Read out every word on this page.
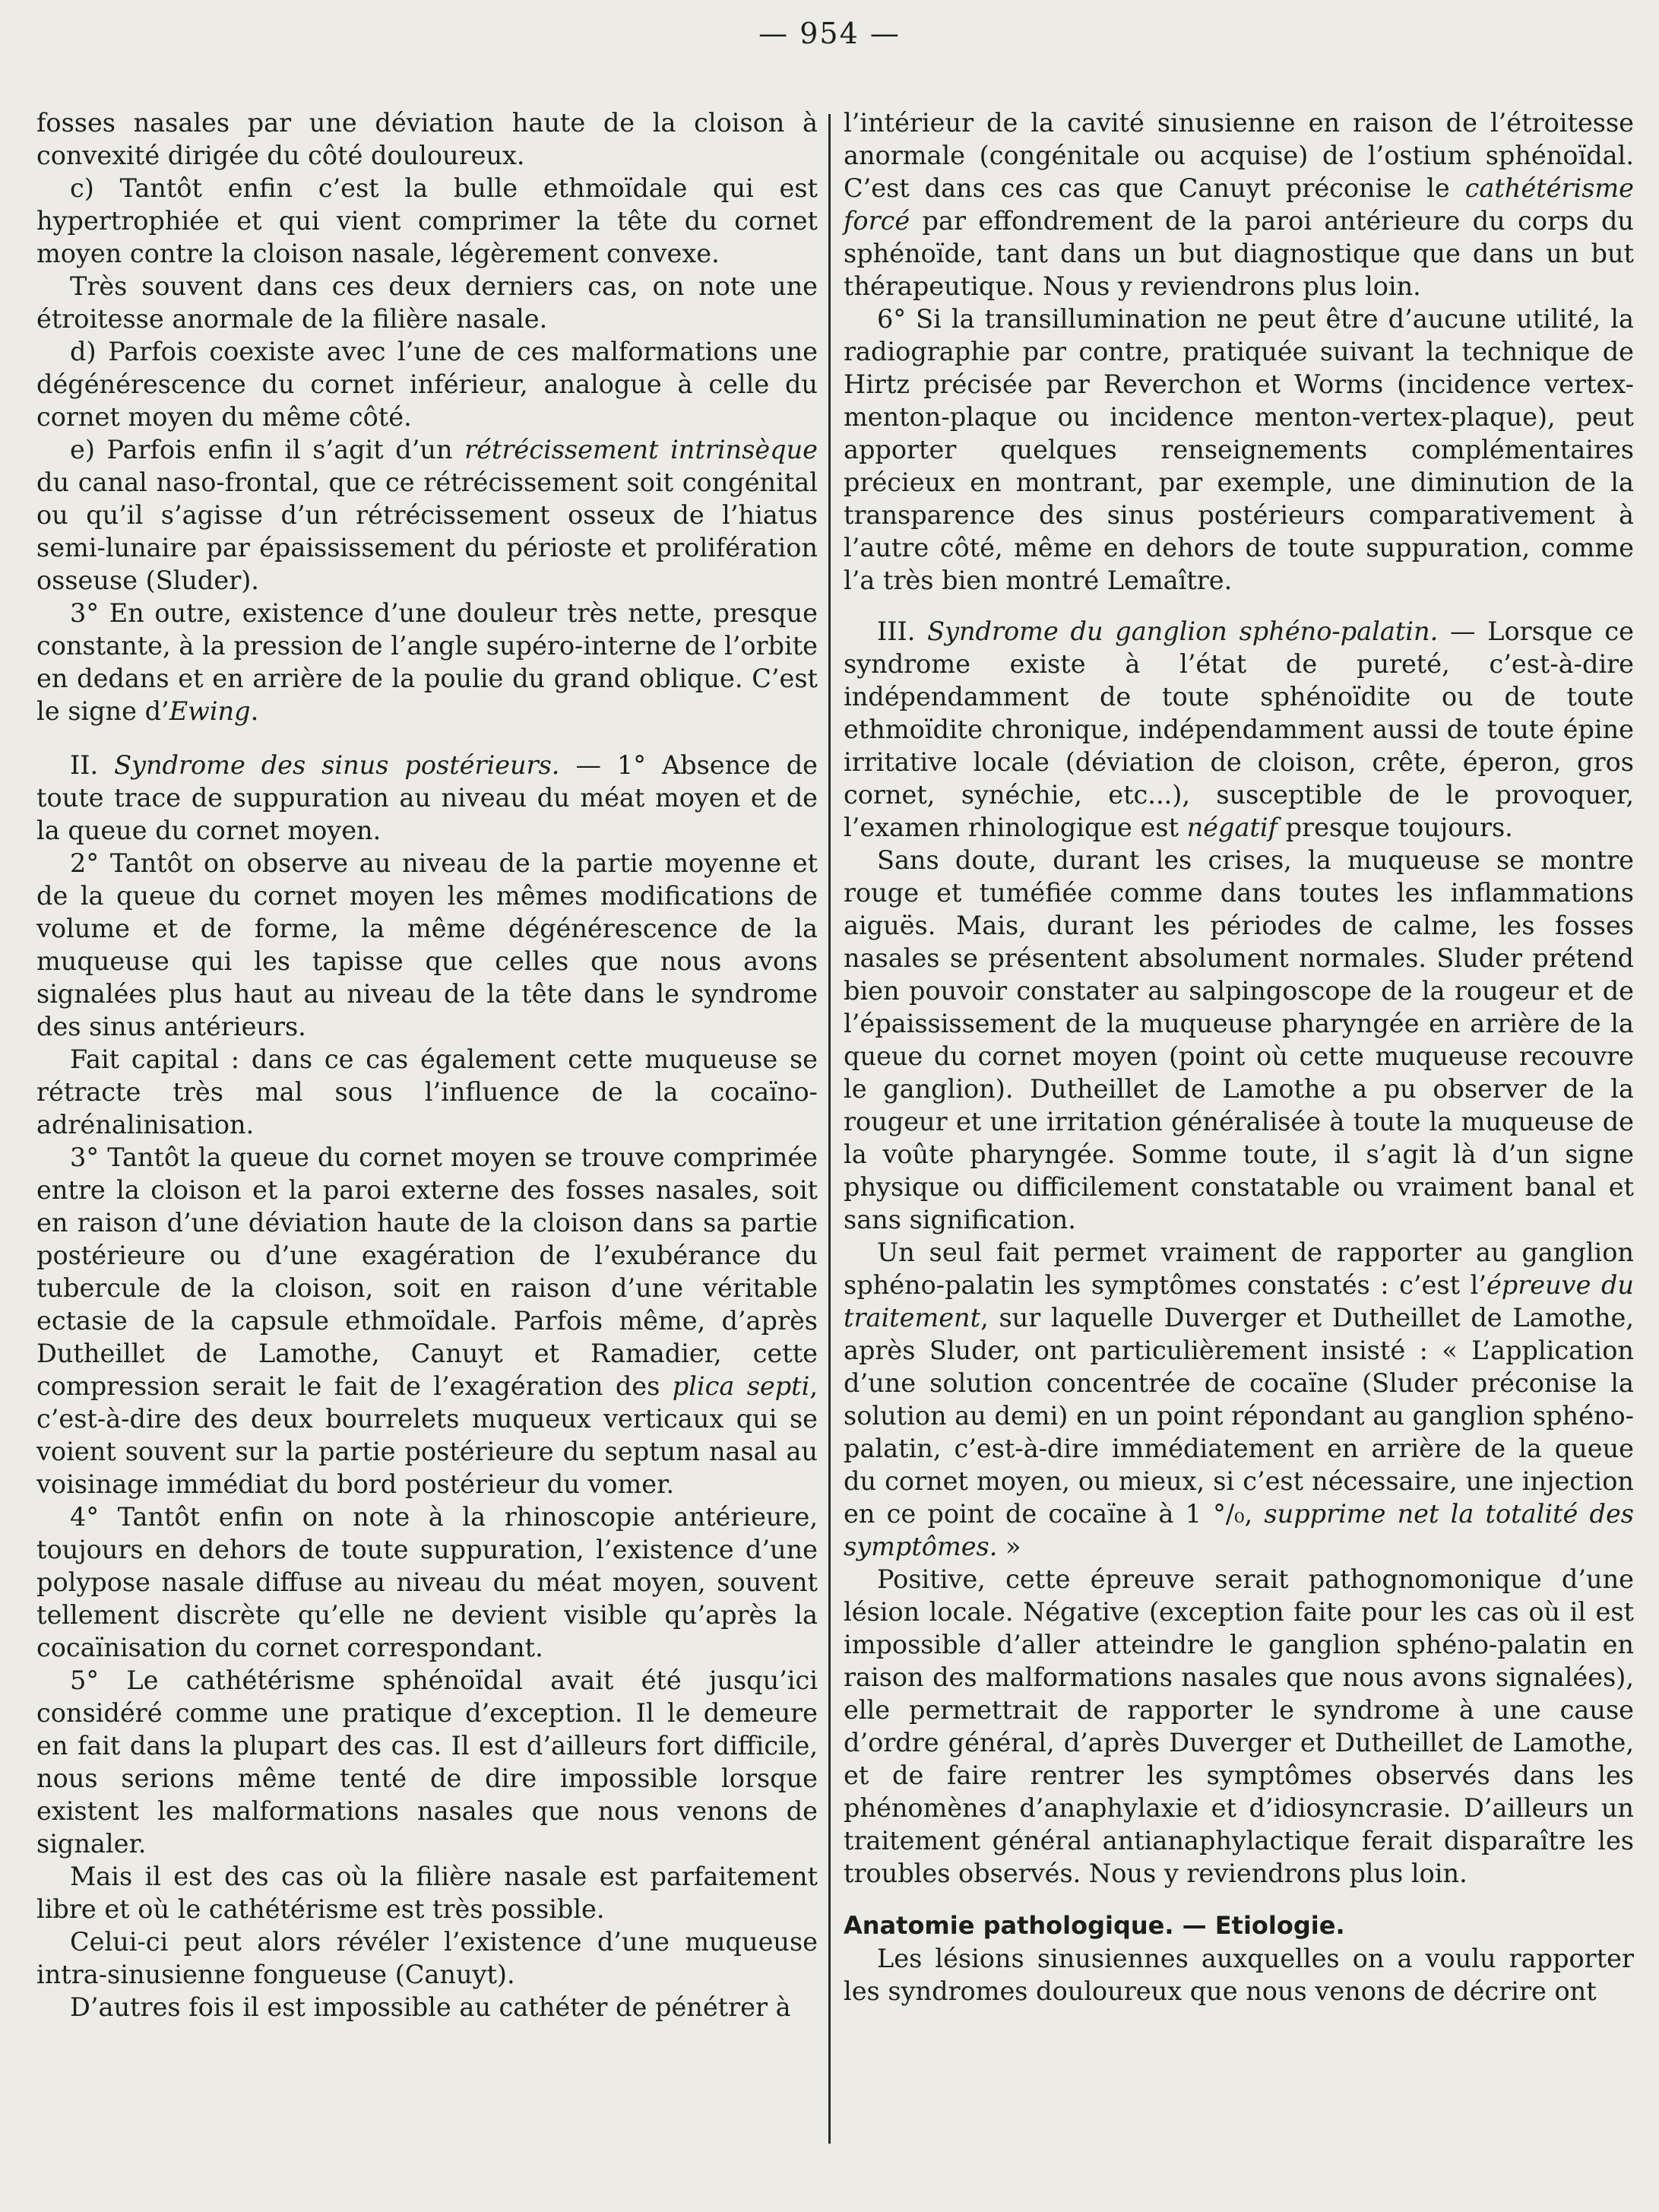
— 954 —

fosses nasales par une déviation haute de la cloison à convexité dirigée du côté douloureux.

c) Tantôt enfin c’est la bulle ethmoïdale qui est hypertrophiée et qui vient comprimer la tête du cornet moyen contre la cloison nasale, légèrement convexe.

Très souvent dans ces deux derniers cas, on note une étroitesse anormale de la filière nasale.

d) Parfois coexiste avec l’une de ces malformations une dégénérescence du cornet inférieur, analogue à celle du cornet moyen du même côté.

e) Parfois enfin il s’agit d’un rétrécissement intrinsèque du canal naso-frontal, que ce rétrécissement soit congénital ou qu’il s’agisse d’un rétrécissement osseux de l’hiatus semi-lunaire par épaississement du périoste et prolifération osseuse (Sluder).

3° En outre, existence d’une douleur très nette, presque constante, à la pression de l’angle supéro-interne de l’orbite en dedans et en arrière de la poulie du grand oblique. C’est le signe d’Ewing.

II. Syndrome des sinus postérieurs. — 1° Absence de toute trace de suppuration au niveau du méat moyen et de la queue du cornet moyen.

2° Tantôt on observe au niveau de la partie moyenne et de la queue du cornet moyen les mêmes modifications de volume et de forme, la même dégénérescence de la muqueuse qui les tapisse que celles que nous avons signalées plus haut au niveau de la tête dans le syndrome des sinus antérieurs.

Fait capital : dans ce cas également cette muqueuse se rétracte très mal sous l’influence de la cocaïno-adrénalinisation.

3° Tantôt la queue du cornet moyen se trouve comprimée entre la cloison et la paroi externe des fosses nasales, soit en raison d’une déviation haute de la cloison dans sa partie postérieure ou d’une exagération de l’exubérance du tubercule de la cloison, soit en raison d’une véritable ectasie de la capsule ethmoïdale. Parfois même, d’après Dutheillet de Lamothe, Canuyt et Ramadier, cette compression serait le fait de l’exagération des plica septi, c’est-à-dire des deux bourrelets muqueux verticaux qui se voient souvent sur la partie postérieure du septum nasal au voisinage immédiat du bord postérieur du vomer.

4° Tantôt enfin on note à la rhinoscopie antérieure, toujours en dehors de toute suppuration, l’existence d’une polypose nasale diffuse au niveau du méat moyen, souvent tellement discrète qu’elle ne devient visible qu’après la cocaïnisation du cornet correspondant.

5° Le cathétérisme sphénoïdal avait été jusqu’ici considéré comme une pratique d’exception. Il le demeure en fait dans la plupart des cas. Il est d’ailleurs fort difficile, nous serions même tenté de dire impossible lorsque existent les malformations nasales que nous venons de signaler.

Mais il est des cas où la filière nasale est parfaitement libre et où le cathétérisme est très possible.

Celui-ci peut alors révéler l’existence d’une muqueuse intra-sinusienne fongueuse (Canuyt).

D’autres fois il est impossible au cathéter de pénétrer à

l’intérieur de la cavité sinusienne en raison de l’étroitesse anormale (congénitale ou acquise) de l’ostium sphénoïdal. C’est dans ces cas que Canuyt préconise le cathétérisme forcé par effondrement de la paroi antérieure du corps du sphénoïde, tant dans un but diagnostique que dans un but thérapeutique. Nous y reviendrons plus loin.

6° Si la transillumination ne peut être d’aucune utilité, la radiographie par contre, pratiquée suivant la technique de Hirtz précisée par Reverchon et Worms (incidence vertex-menton-plaque ou incidence menton-vertex-plaque), peut apporter quelques renseignements complémentaires précieux en montrant, par exemple, une diminution de la transparence des sinus postérieurs comparativement à l’autre côté, même en dehors de toute suppuration, comme l’a très bien montré Lemaître.

III. Syndrome du ganglion sphéno-palatin. — Lorsque ce syndrome existe à l’état de pureté, c’est-à-dire indépendamment de toute sphénoïdite ou de toute ethmoïdite chronique, indépendamment aussi de toute épine irritative locale (déviation de cloison, crête, éperon, gros cornet, synéchie, etc...), susceptible de le provoquer, l’examen rhinologique est négatif presque toujours.

Sans doute, durant les crises, la muqueuse se montre rouge et tuméfiée comme dans toutes les inflammations aiguës. Mais, durant les périodes de calme, les fosses nasales se présentent absolument normales. Sluder prétend bien pouvoir constater au salpingoscope de la rougeur et de l’épaississement de la muqueuse pharyngée en arrière de la queue du cornet moyen (point où cette muqueuse recouvre le ganglion). Dutheillet de Lamothe a pu observer de la rougeur et une irritation généralisée à toute la muqueuse de la voûte pharyngée. Somme toute, il s’agit là d’un signe physique ou difficilement constatable ou vraiment banal et sans signification.

Un seul fait permet vraiment de rapporter au ganglion sphéno-palatin les symptômes constatés : c’est l’épreuve du traitement, sur laquelle Duverger et Dutheillet de Lamothe, après Sluder, ont particulièrement insisté : « L’application d’une solution concentrée de cocaïne (Sluder préconise la solution au demi) en un point répondant au ganglion sphéno-palatin, c’est-à-dire immédiatement en arrière de la queue du cornet moyen, ou mieux, si c’est nécessaire, une injection en ce point de cocaïne à 1 °/₀, supprime net la totalité des symptômes. »

Positive, cette épreuve serait pathognomonique d’une lésion locale. Négative (exception faite pour les cas où il est impossible d’aller atteindre le ganglion sphéno-palatin en raison des malformations nasales que nous avons signalées), elle permettrait de rapporter le syndrome à une cause d’ordre général, d’après Duverger et Dutheillet de Lamothe, et de faire rentrer les symptômes observés dans les phénomènes d’anaphylaxie et d’idiosyncrasie. D’ailleurs un traitement général antianaphylactique ferait disparaître les troubles observés. Nous y reviendrons plus loin.

Anatomie pathologique. — Etiologie.

Les lésions sinusiennes auxquelles on a voulu rapporter les syndromes douloureux que nous venons de décrire ont
